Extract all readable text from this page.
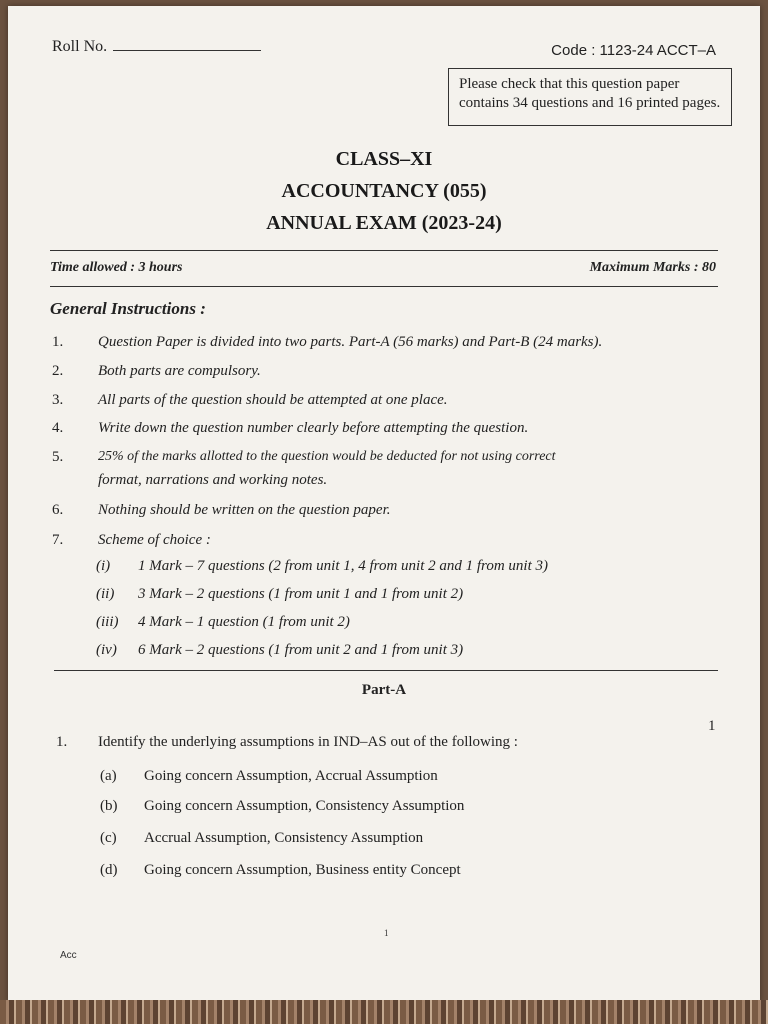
Roll No.	Code : 1123-24 ACCT–A
Please check that this question paper contains 34 questions and 16 printed pages.
CLASS–XI
ACCOUNTANCY (055)
ANNUAL EXAM (2023-24)
Time allowed : 3 hours	Maximum Marks : 80
General Instructions :
1. Question Paper is divided into two parts. Part-A (56 marks) and Part-B (24 marks).
2. Both parts are compulsory.
3. All parts of the question should be attempted at one place.
4. Write down the question number clearly before attempting the question.
5. 25% of the marks allotted to the question would be deducted for not using correct
format, narrations and working notes.
6. Nothing should be written on the question paper.
7. Scheme of choice :
(i) 1 Mark – 7 questions (2 from unit 1, 4 from unit 2 and 1 from unit 3)
(ii) 3 Mark – 2 questions (1 from unit 1 and 1 from unit 2)
(iii) 4 Mark – 1 question (1 from unit 2)
(iv) 6 Mark – 2 questions (1 from unit 2 and 1 from unit 3)
Part-A
1. Identify the underlying assumptions in IND–AS out of the following :
1
(a) Going concern Assumption, Accrual Assumption
(b) Going concern Assumption, Consistency Assumption
(c) Accrual Assumption, Consistency Assumption
(d) Going concern Assumption, Business entity Concept
1
Acc
